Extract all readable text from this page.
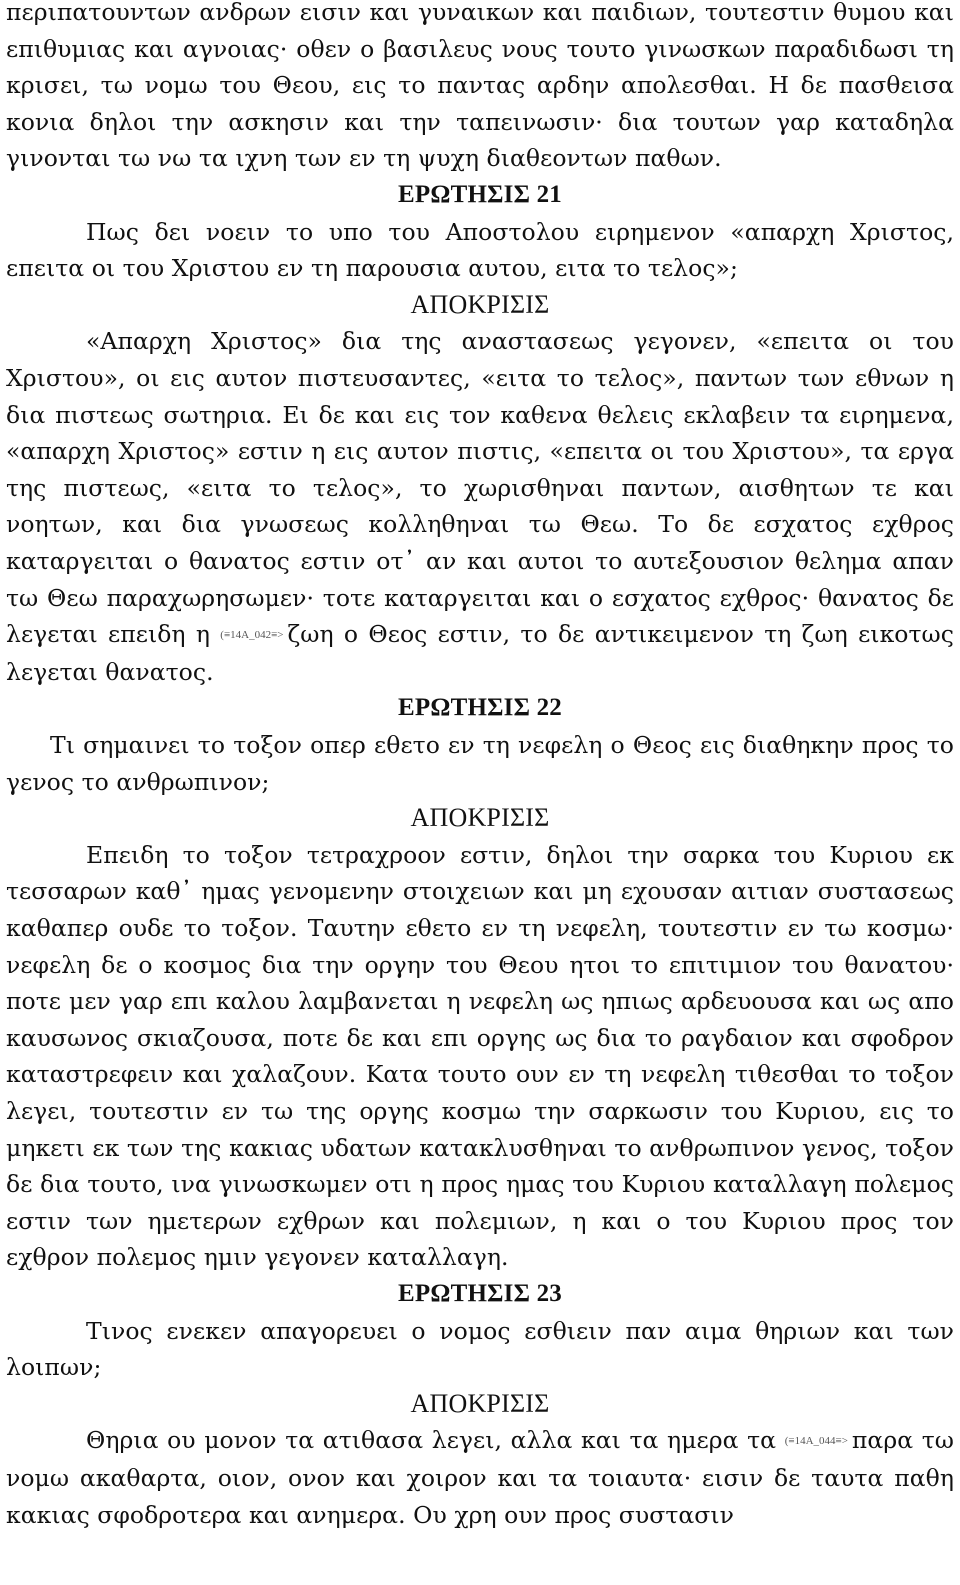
περιπατουντων ανδρων εισιν και γυναικων και παιδιων, τουτεστιν θυμου και επιθυμιας και αγνοιας· οθεν ο βασιλευς νους τουτο γινωσκων παραδιδωσι τη κρισει, τω νομω του Θεου, εις το παντας αρδην απολεσθαι. Η δε πασθεισα κονια δηλοι την ασκησιν και την ταπεινωσιν· δια τουτων γαρ καταδηλα γινονται τω νω τα ιχνη των εν τη ψυχη διαθεοντων παθων.

ΕΡΩΤΗΣΙΣ 21

Πως δει νοειν το υπο του Αποστολου ειρημενον «απαρχη Χριστος, επειτα οι του Χριστου εν τη παρουσια αυτου, ειτα το τελος»;

ΑΠΟΚΡΙΣΙΣ

«Απαρχη Χριστος» δια της αναστασεως γεγονεν, «επειτα οι του Χριστου», οι εις αυτον πιστευσαντες, «ειτα το τελος», παντων των εθνων η δια πιστεως σωτηρια. Ει δε και εις τον καθενα θελεις εκλαβειν τα ειρημενα, «απαρχη Χριστος» εστιν η εις αυτον πιστις, «επειτα οι του Χριστου», τα εργα της πιστεως, «ειτα το τελος», το χωρισθηναι παντων, αισθητων τε και νοητων, και δια γνωσεως κολληθηναι τω Θεω. Το δε εσχατος εχθρος καταργειται ο θανατος εστιν οτ᾽ αν και αυτοι το αυτεξουσιον θελημα απαν τω Θεω παραχωρησωμεν· τοτε καταργειται και ο εσχατος εχθρος· θανατος δε λεγεται επειδη η (≡14A_042≡> ζωη ο Θεος εστιν, το δε αντικειμενον τη ζωη εικοτως λεγεται θανατος.

ΕΡΩΤΗΣΙΣ 22

Τι σημαινει το τοξον οπερ εθετο εν τη νεφελη ο Θεος εις διαθηκην προς το γενος το ανθρωπινον;

ΑΠΟΚΡΙΣΙΣ

Επειδη το τοξον τετραχροον εστιν, δηλοι την σαρκα του Κυριου εκ τεσσαρων καθ᾽ ημας γενομενην στοιχειων και μη εχουσαν αιτιαν συστασεως καθαπερ ουδε το τοξον. Ταυτην εθετο εν τη νεφελη, τουτεστιν εν τω κοσμω· νεφελη δε ο κοσμος δια την οργην του Θεου ητοι το επιτιμιον του θανατου· ποτε μεν γαρ επι καλου λαμβανεται η νεφελη ως ηπιως αρδευουσα και ως απο καυσωνος σκιαζουσα, ποτε δε και επι οργης ως δια το ραγδαιον και σφοδρον καταστρεφειν και χαλαζουν. Κατα τουτο ουν εν τη νεφελη τιθεσθαι το τοξον λεγει, τουτεστιν εν τω της οργης κοσμω την σαρκωσιν του Κυριου, εις το μηκετι εκ των της κακιας υδατων κατακλυσθηναι το ανθρωπινον γενος, τοξον δε δια τουτο, ινα γινωσκωμεν οτι η προς ημας του Κυριου καταλλαγη πολεμος εστιν των ημετερων εχθρων και πολεμιων, η και ο του Κυριου προς τον εχθρον πολεμος ημιν γεγονεν καταλλαγη.

ΕΡΩΤΗΣΙΣ 23

Τινος ενεκεν απαγορευει ο νομος εσθιειν παν αιμα θηριων και των λοιπων;

ΑΠΟΚΡΙΣΙΣ

Θηρια ου μονον τα ατιθασα λεγει, αλλα και τα ημερα τα (≡14A_044≡> παρα τω νομω ακαθαρτα, οιον, ονον και χοιρον και τα τοιαυτα· εισιν δε ταυτα παθη κακιας σφοδροτερα και ανημερα. Ου χρη ουν προς συστασιν
